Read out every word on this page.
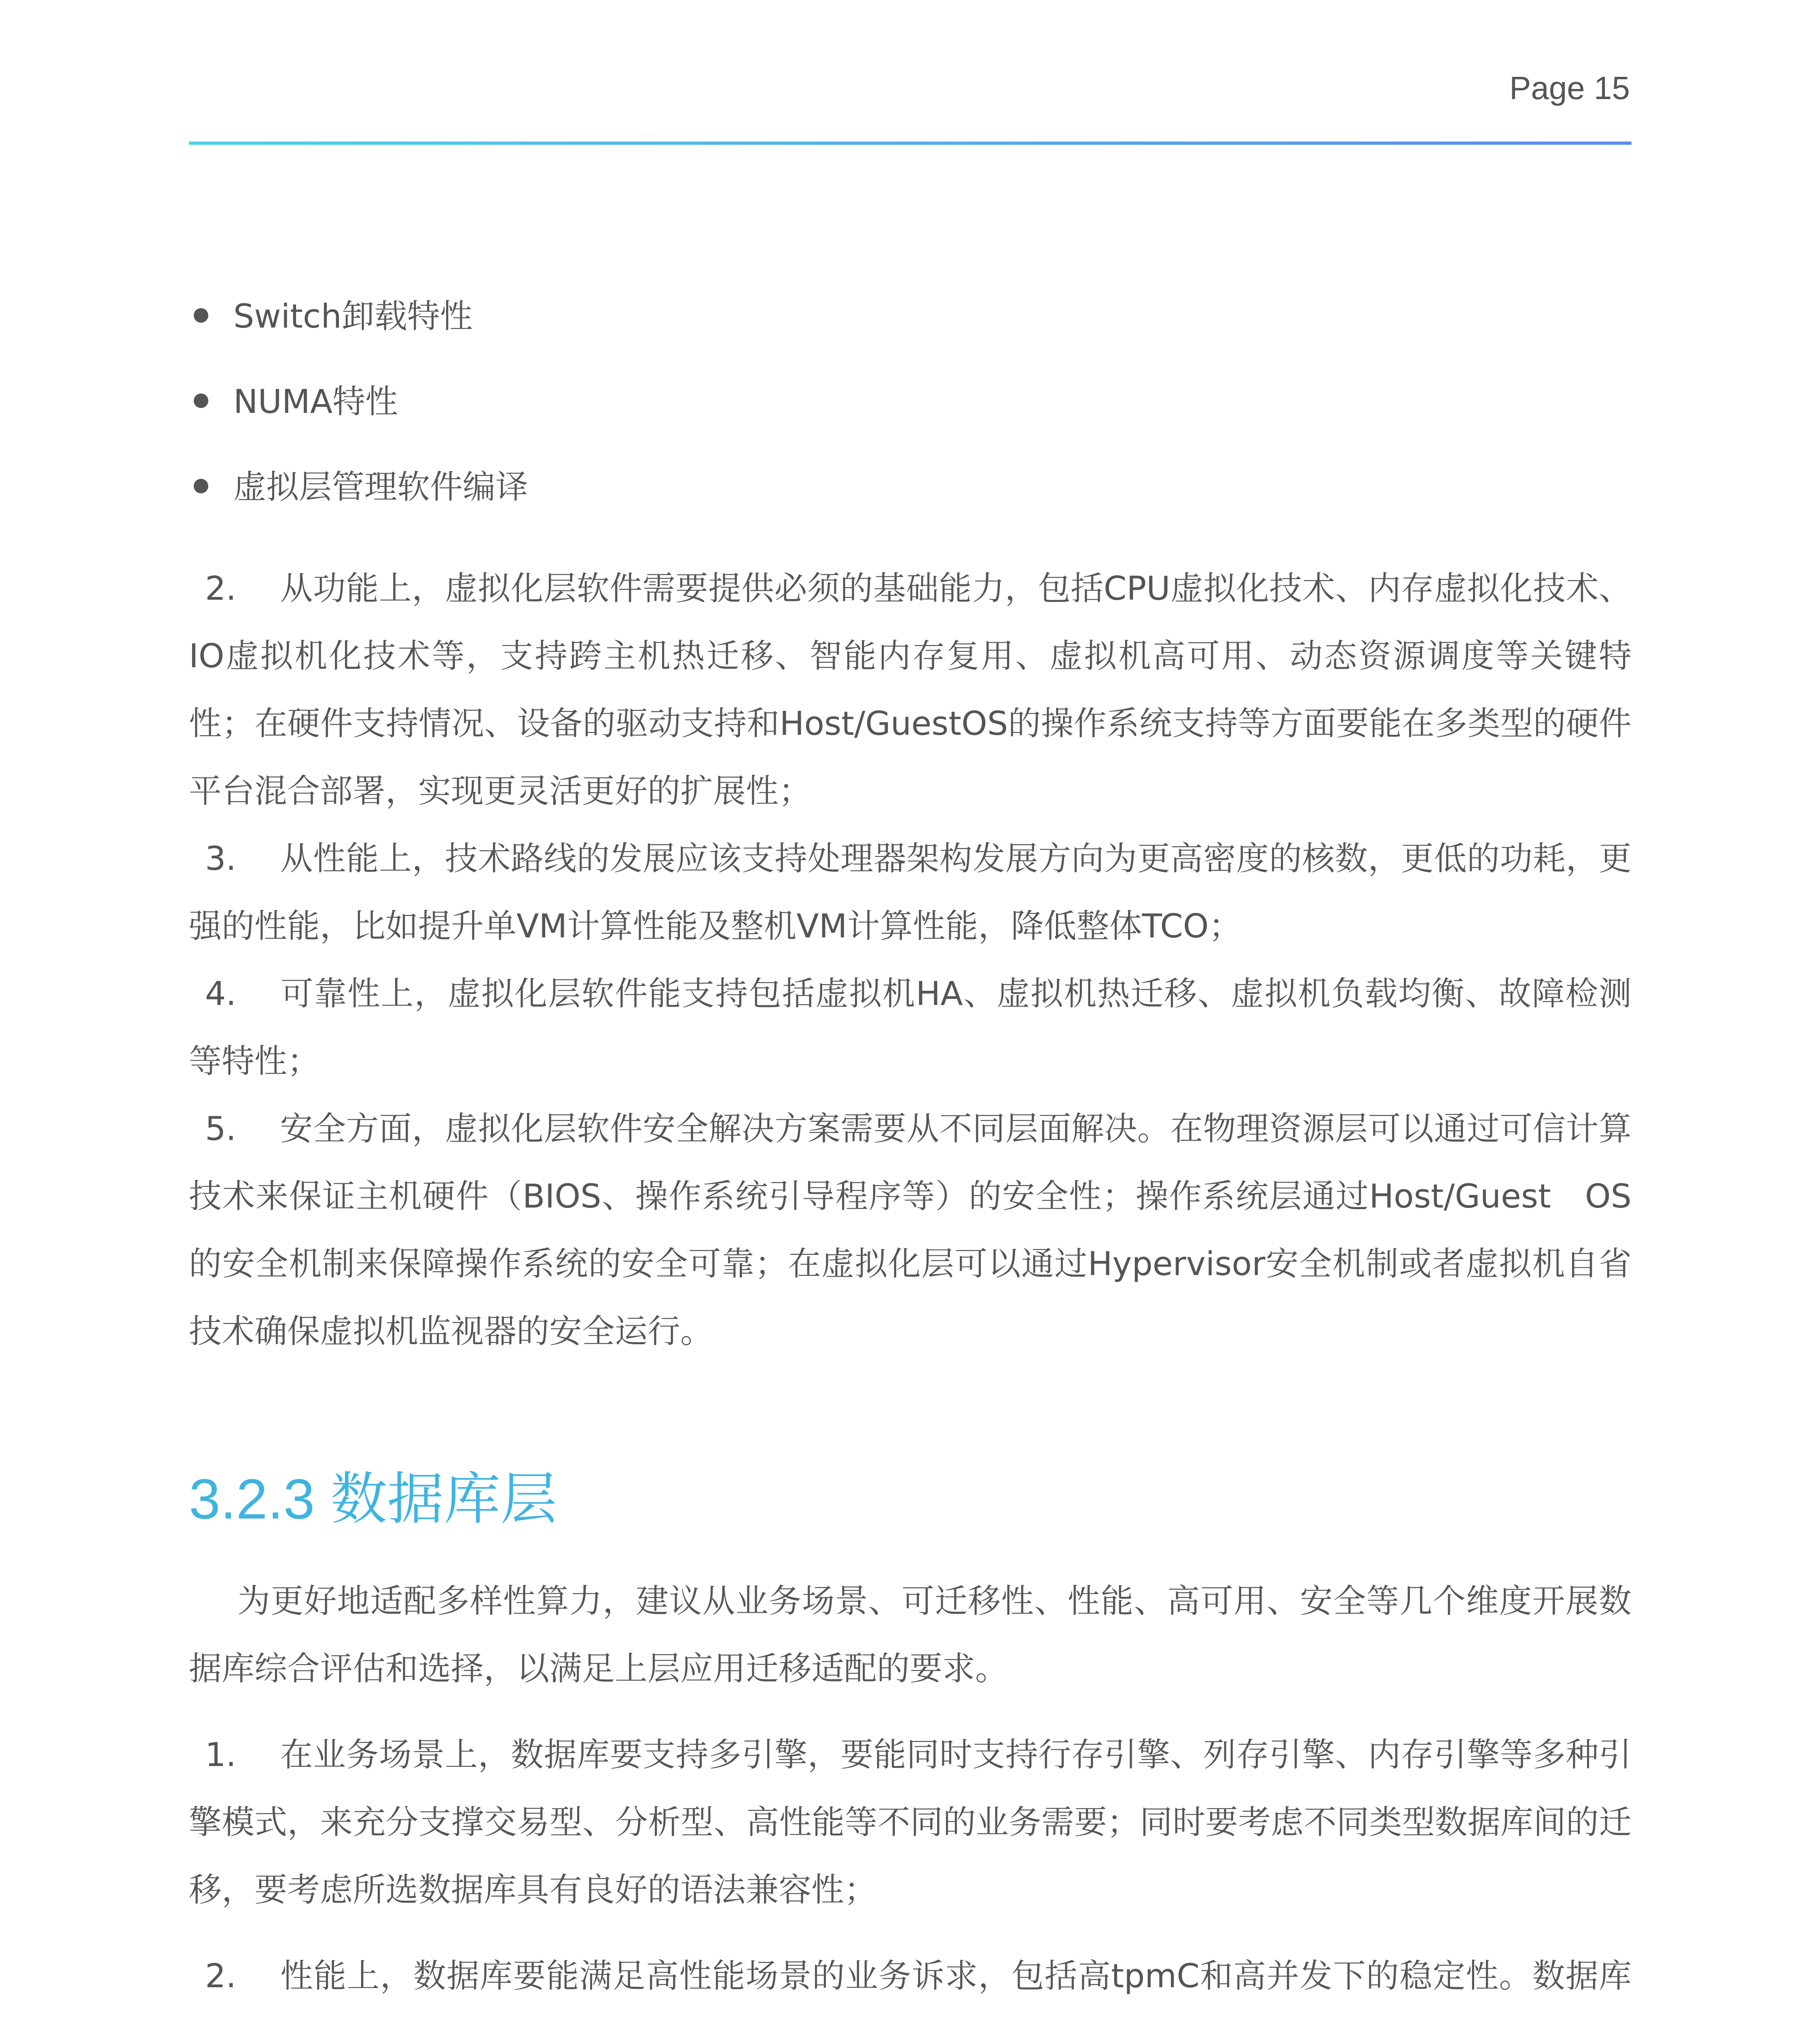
Page 15
Switch卸载特性
NUMA特性
虚拟层管理软件编译

2. 从功能上，虚拟化层软件需要提供必须的基础能力，包括CPU虚拟化技术、内存虚拟化技术、IO虚拟机化技术等，支持跨主机热迁移、智能内存复用、虚拟机高可用、动态资源调度等关键特性；在硬件支持情况、设备的驱动支持和Host/GuestOS的操作系统支持等方面要能在多类型的硬件平台混合部署，实现更灵活更好的扩展性；

3. 从性能上，技术路线的发展应该支持处理器架构发展方向为更高密度的核数，更低的功耗，更强的性能，比如提升单VM计算性能及整机VM计算性能，降低整体TCO；

4. 可靠性上，虚拟化层软件能支持包括虚拟机HA、虚拟机热迁移、虚拟机负载均衡、故障检测等特性；

5. 安全方面，虚拟化层软件安全解决方案需要从不同层面解决。在物理资源层可以通过可信计算技术来保证主机硬件（BIOS、操作系统引导程序等）的安全性；操作系统层通过Host/Guest　OS的安全机制来保障操作系统的安全可靠；在虚拟化层可以通过Hypervisor安全机制或者虚拟机自省技术确保虚拟机监视器的安全运行。

3.2.3 数据库层

为更好地适配多样性算力，建议从业务场景、可迁移性、性能、高可用、安全等几个维度开展数据库综合评估和选择，以满足上层应用迁移适配的要求。

1. 在业务场景上，数据库要支持多引擎，要能同时支持行存引擎、列存引擎、内存引擎等多种引擎模式，来充分支撑交易型、分析型、高性能等不同的业务需要；同时要考虑不同类型数据库间的迁移，要考虑所选数据库具有良好的语法兼容性；

2. 性能上，数据库要能满足高性能场景的业务诉求，包括高tpmC和高并发下的稳定性。数据库
